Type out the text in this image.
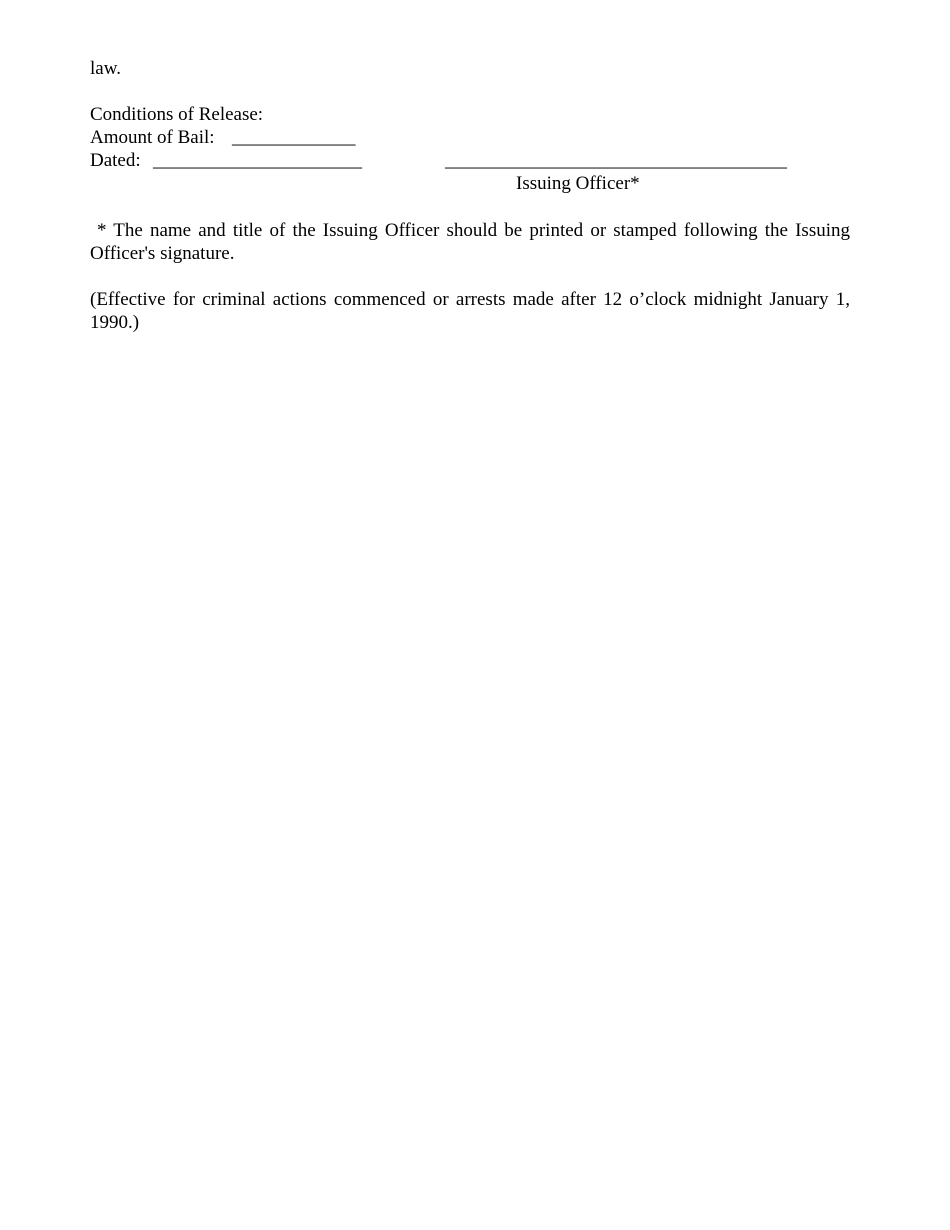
law.
Conditions of Release:
Amount of Bail: _____________
Dated: ______________________	____________________________________
Issuing Officer*
* The name and title of the Issuing Officer should be printed or stamped following the Issuing Officer's signature.
(Effective for criminal actions commenced or arrests made after 12 o’clock midnight January 1, 1990.)
